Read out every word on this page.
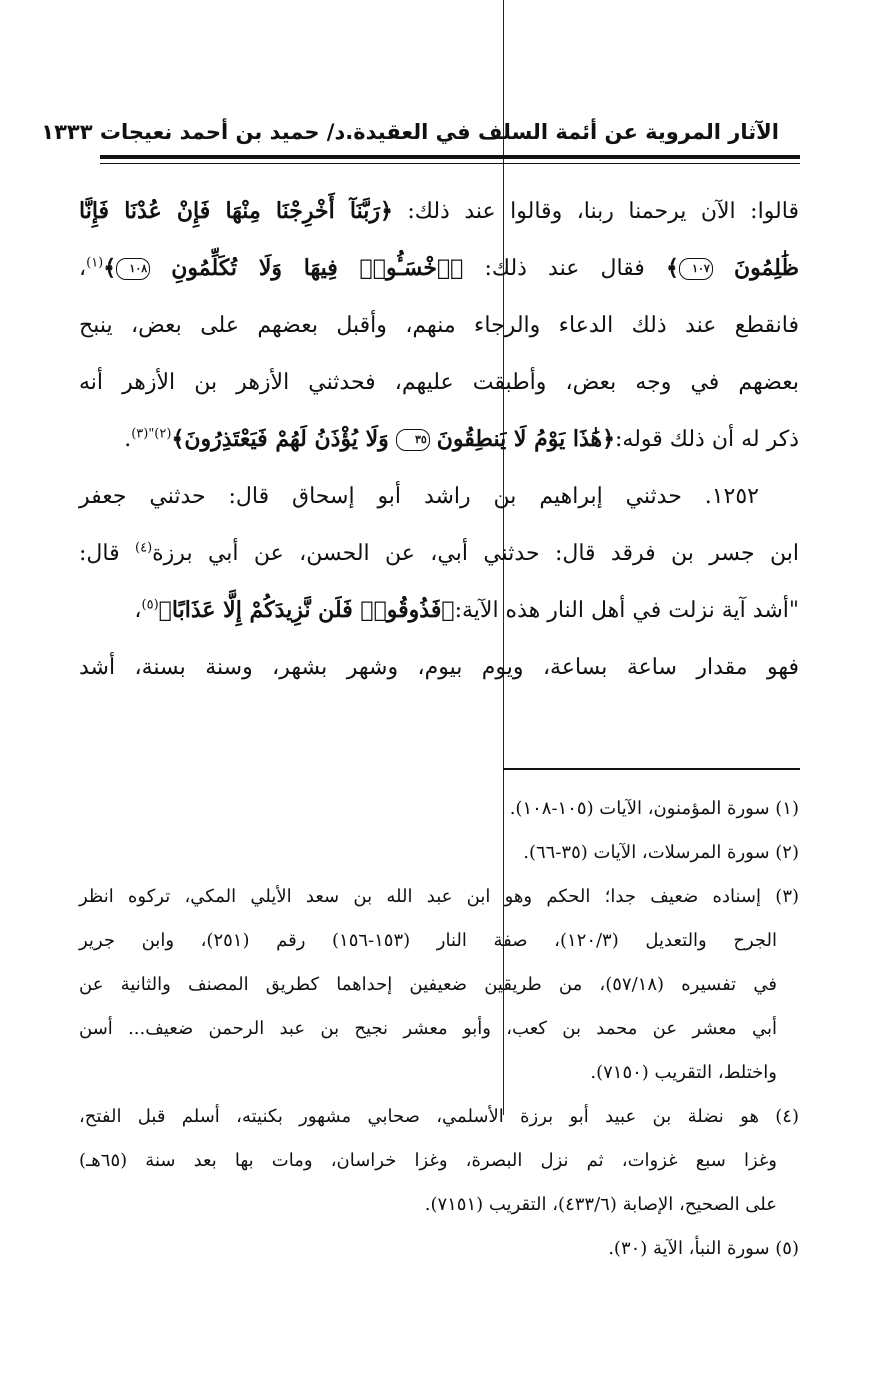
الآثار المروية عن أئمة السلف في العقيدة.د/ حميد بن أحمد نعيجات ١٣٣٣
قالوا: الآن يرحمنا ربنا، وقالوا عند ذلك: ﴿رَبَّنَآ أَخْرِجْنَا مِنْهَا فَإِنْ عُدْنَا فَإِنَّا
ظَٰلِمُونَ ١٠٧﴾ فقال عند ذلك: ﴿ٱخْسَـُٔوا۟ فِيهَا وَلَا تُكَلِّمُونِ ١٠٨﴾$^{(١)}$،
فانقطع عند ذلك الدعاء والرجاء منهم، وأقبل بعضهم على بعض، ينبح
بعضهم في وجه بعض، وأطبقت عليهم، فحدثني الأزهر بن الأزهر أنه
ذكر له أن ذلك قوله:﴿هَٰذَا يَوْمُ لَا يَنطِقُونَ ٣٥ وَلَا يُؤْذَنُ لَهُمْ فَيَعْتَذِرُونَ﴾$^{(٢)"(٣)}$.
١٢٥٢. حدثني إبراهيم بن راشد أبو إسحاق قال: حدثني جعفر
ابن جسر بن فرقد قال: حدثني أبي، عن الحسن، عن أبي برزة$^{(٤)}$ قال:
"أشد آية نزلت في أهل النار هذه الآية:﴿فَذُوقُوا۟ فَلَن نَّزِيدَكُمْ إِلَّا عَذَابًا﴾$^{(٥)}$،
فهو مقدار ساعة بساعة، ويوم بيوم، وشهر بشهر، وسنة بسنة، أشد
(١) سورة المؤمنون، الآيات (١٠٥-١٠٨).
(٢) سورة المرسلات، الآيات (٣٥-٦٦).
(٣) إسناده ضعيف جدا؛ الحكم وهو ابن عبد الله بن سعد الأيلي المكي، تركوه انظر
الجرح والتعديل (١٢٠/٣)، صفة النار (١٥٣-١٥٦) رقم (٢٥١)، وابن جرير
في تفسيره (٥٧/١٨)، من طريقين ضعيفين إحداهما كطريق المصنف والثانية عن
أبي معشر عن محمد بن كعب، وأبو معشر نجيح بن عبد الرحمن ضعيف... أسن
واختلط، التقريب (٧١٥٠).
(٤) هو نضلة بن عبيد أبو برزة الأسلمي، صحابي مشهور بكنيته، أسلم قبل الفتح،
وغزا سبع غزوات، ثم نزل البصرة، وغزا خراسان، ومات بها بعد سنة (٦٥هـ)
على الصحيح، الإصابة (٤٣٣/٦)، التقريب (٧١٥١).
(٥) سورة النبأ، الآية (٣٠).
